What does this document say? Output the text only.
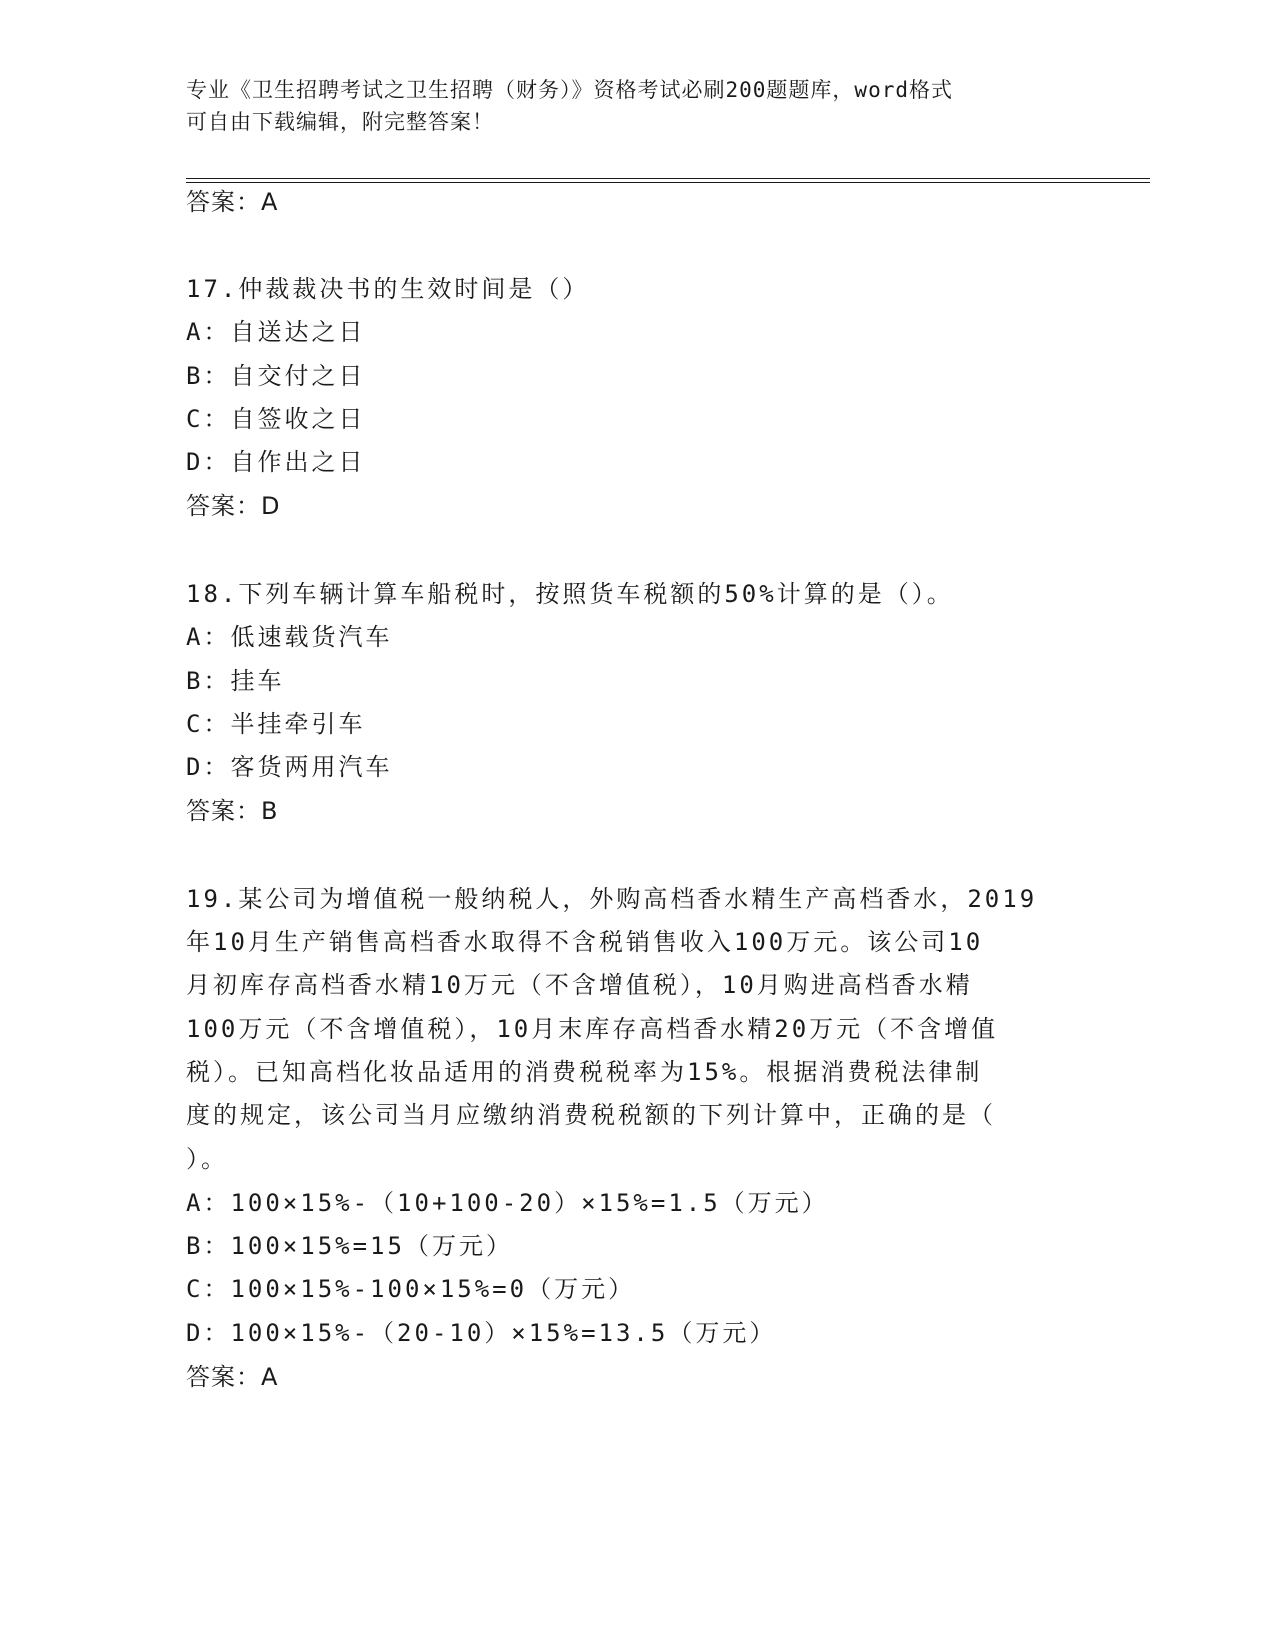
专业《卫生招聘考试之卫生招聘（财务）》资格考试必刷200题题库，word格式
可自由下载编辑，附完整答案！
答案：A
17.仲裁裁决书的生效时间是（）
A：自送达之日
B：自交付之日
C：自签收之日
D：自作出之日
答案：D
18.下列车辆计算车船税时，按照货车税额的50%计算的是（）。
A：低速载货汽车
B：挂车
C：半挂牵引车
D：客货两用汽车
答案：B
19.某公司为增值税一般纳税人，外购高档香水精生产高档香水，2019
年10月生产销售高档香水取得不含税销售收入100万元。该公司10
月初库存高档香水精10万元（不含增值税），10月购进高档香水精
100万元（不含增值税），10月末库存高档香水精20万元（不含增值
税）。已知高档化妆品适用的消费税税率为15%。根据消费税法律制
度的规定，该公司当月应缴纳消费税税额的下列计算中，正确的是（
）。
A：100×15%-（10+100-20）×15%=1.5（万元）
B：100×15%=15（万元）
C：100×15%-100×15%=0（万元）
D：100×15%-（20-10）×15%=13.5（万元）
答案：A
